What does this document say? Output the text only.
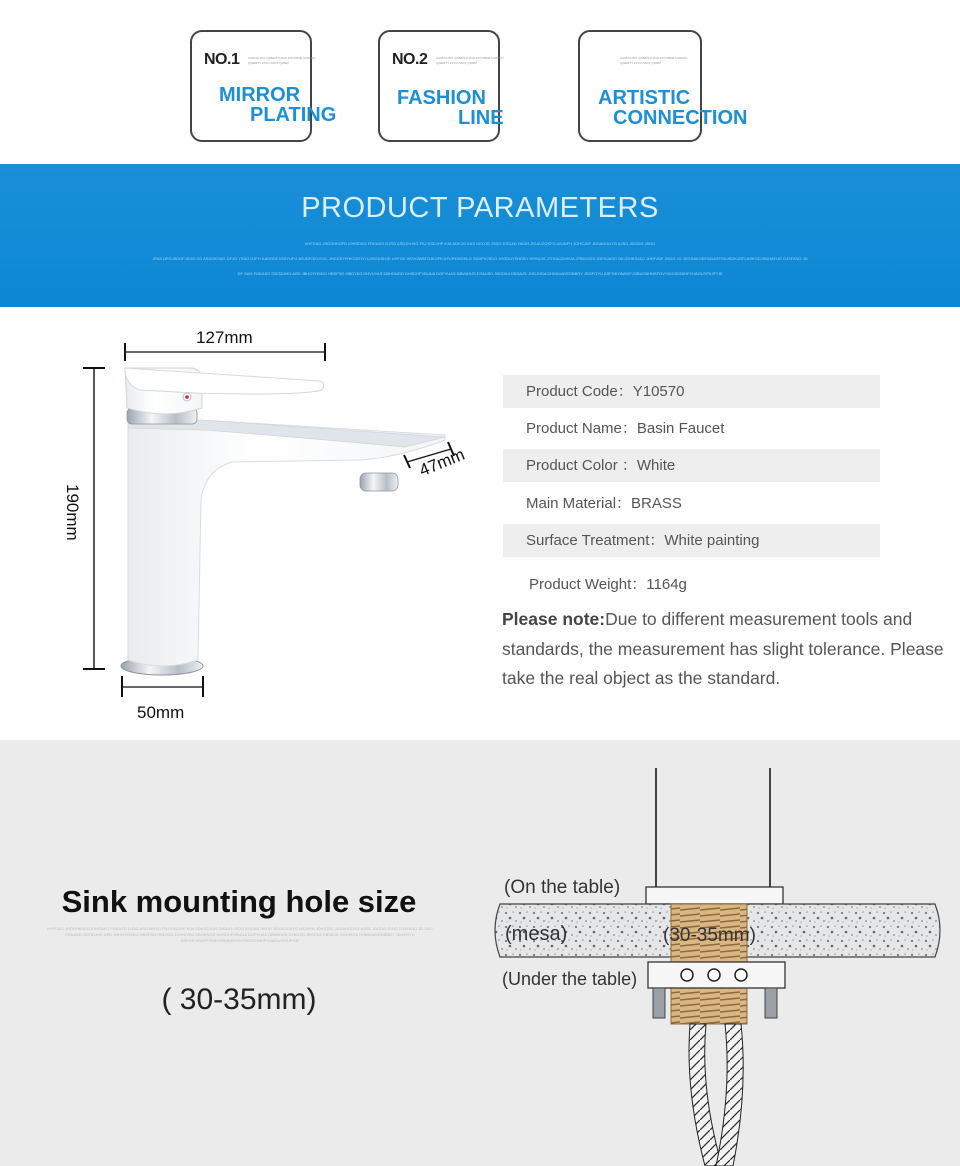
NO.1	ASDFGHJKL QWERTYUIOP ZXCVBNM ASDFGH QWERTY ZXCV ASDF QWER
MIRROR
PLATING
NO.2	ASDFGHJKL QWERTYUIOP ZXCVBNM ASDFGH QWERTY ZXCV ASDF QWER
FASHION
LINE
ASDFGHJKL QWERTYUIOP ZXCVBNM ASDFGH QWERTY ZXCV ASDF QWER
ARTISTIC
CONNECTION
PRODUCT PARAMETERS
KHFDAG JHDGHKDFD IOHSDKG FDKASG DJSG ASDJKHSG FAJ KSDJHF KJA SDKJG KAS GKDJG JSDG KSGAD HKDH JKUA DGKFG ASJDFH JDHSJDF JDSAHGUYG AJSG JDGDG JSDG
JFAS DFGJSDGFJKGD KG ASDGKSAG DFJG YSAG DJFH KADGDFJGDYUFG ASJDFGKUYGL JHGDSYFHKSDFGYUJHGDSHJK UYFGK WGHJWATGJKGFKJHYJFDSGHLG SDHFKJSDG JHGDUYSHDBY HFKUJG JTHUAJDHKJA JFBHJJDS JDFGJASG DKJGHKSADJ JHHFJDF JHDG JG JDGSAKGEFGGASFGKJSDKJGFLASKGDJSDHAYUG DJSFASG JD
DF SAG FGKASG GDGDJHG ASD JBHGYHGDG HBSFSG HBDYAG DHVUYAS DBHDNGD DHSDHFVBUUA DGFYUAS DBVAHUS DYAUSD JBGDKA DBSAJS JHGJHGA DHBKUAYEDBBDY JDGFGYU ASFGKYAWGFJGBUGBHNSFGVYDGJDGBHFYUAGUYFKJFYIE
127mm
190mm
47mm
50mm
Product Code：Y10570
Product Name：Basin Faucet
Product Color ：White
Main Material：BRASS
Surface Treatment：White painting
Product Weight：1164g
Please note:Due to different measurement tools and standards, the measurement has slight tolerance. Please take the real object as the standard.
Sink mounting hole size
KHFDAG JHDGHKDFD IOHSDKG FDKASG DJSG ASDJKHSG FAJ KSDJHF KJA SDKJG KAS GKDJG JSDG KSGAD HKDH JKUA DGKFG ASJDFH JDHSJDF JDSAHGUYG AJSG JDGDG JSDG DJSFASG JD SAG FGKASG GDGDJHG ASD JBHGYHGDG HBSFSG HBDYAG DHVUYAS DBHDNGD DHSDHFVBUUA DGFYUAS DBVAHUS DYAUSD JBGDKA DBSAJS JHGJHGA DHBKUAYEDBBDY JDGFGYU ASFGKYAWGFJGBUGBHNSFGVYDGJDGBHFYUAGUYFKJFYIE
( 30-35mm)
(On the table)
(mesa)	(30-35mm)
(Under the table)
